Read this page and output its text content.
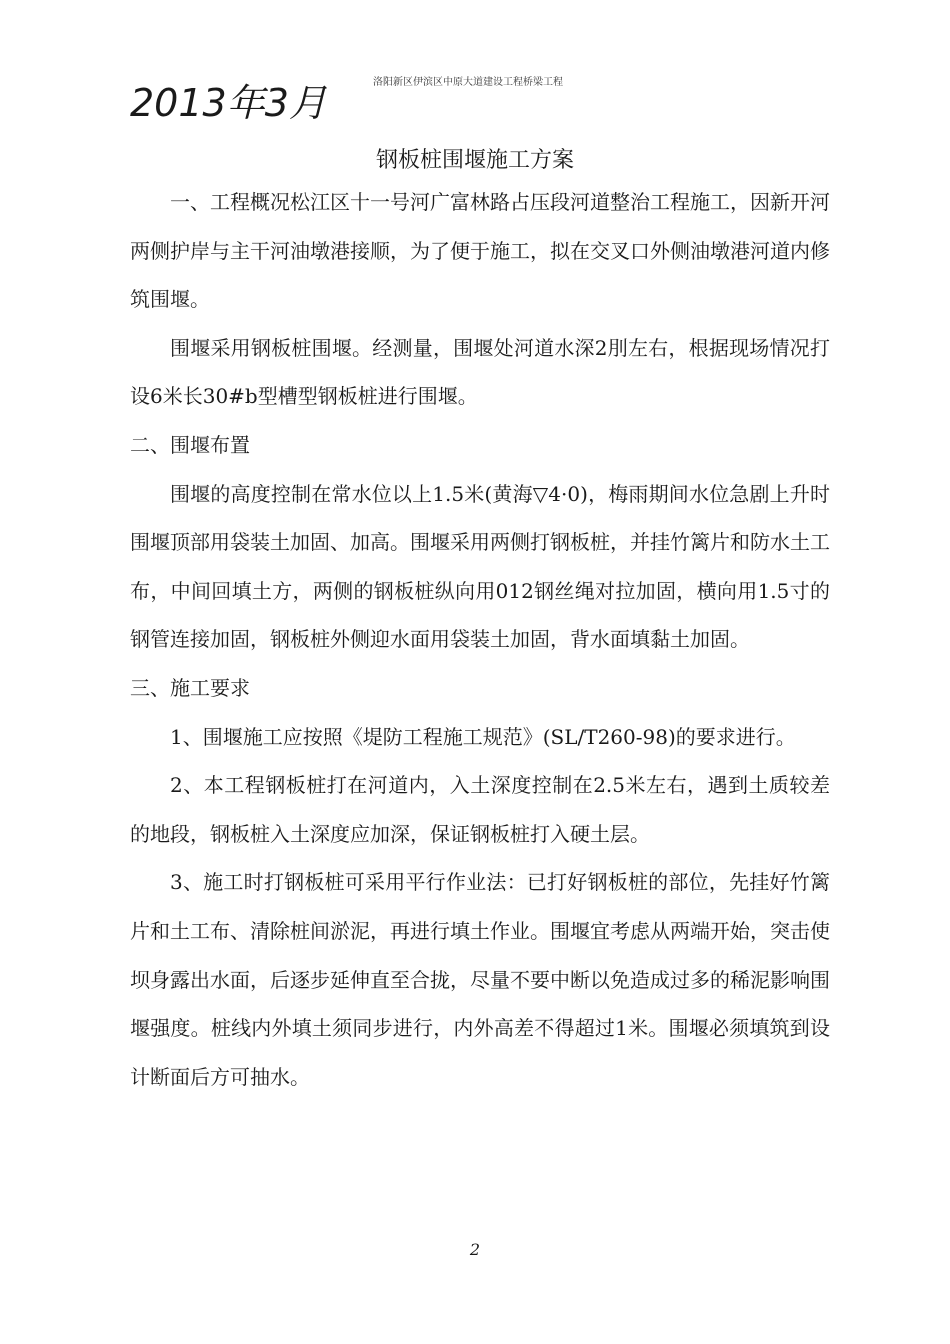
2013年3月	洛阳新区伊滨区中原大道建设工程桥梁工程
钢板桩围堰施工方案

一、工程概况松江区十一号河广富林路占压段河道整治工程施工，因新开河两侧护岸与主干河油墩港接顺，为了便于施工，拟在交叉口外侧油墩港河道内修筑围堰。

围堰采用钢板桩围堰。经测量，围堰处河道水深2刖左右，根据现场情况打设6米长30#b型槽型钢板桩进行围堰。

二、围堰布置

围堰的高度控制在常水位以上1.5米(黄海▽4·0)，梅雨期间水位急剧上升时围堰顶部用袋装土加固、加高。围堰采用两侧打钢板桩，并挂竹篱片和防水土工布，中间回填土方，两侧的钢板桩纵向用012钢丝绳对拉加固，横向用1.5寸的钢管连接加固，钢板桩外侧迎水面用袋装土加固，背水面填黏土加固。

三、施工要求

1、围堰施工应按照《堤防工程施工规范》(SL/T260-98)的要求进行。

2、本工程钢板桩打在河道内，入土深度控制在2.5米左右，遇到土质较差的地段，钢板桩入土深度应加深，保证钢板桩打入硬土层。

3、施工时打钢板桩可采用平行作业法：已打好钢板桩的部位，先挂好竹篱片和土工布、清除桩间淤泥，再进行填土作业。围堰宜考虑从两端开始，突击使坝身露出水面，后逐步延伸直至合拢，尽量不要中断以免造成过多的稀泥影响围堰强度。桩线内外填土须同步进行，内外高差不得超过1米。围堰必须填筑到设计断面后方可抽水。

2
